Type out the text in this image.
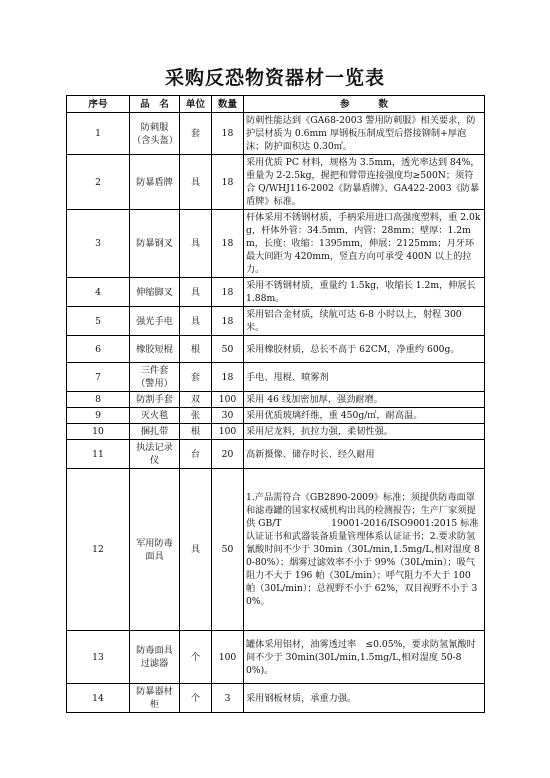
采购反恐物资器材一览表
序号	品　名	单位	数量	参　　　数
1	防刺服（含头盔）	套	18	防刺性能达到《GA68-2003 警用防刺服》相关要求，防护层材质为 0.6mm 厚钢板压制成型后搭接铆制+厚泡沫；防护面积达 0.30㎡。
2	防暴盾牌	具	18	采用优质 PC 材料，规格为 3.5mm，透光率达到 84%，重量为 2-2.5kg，握把和臂带连接强度均≥500N；须符合 Q/WHJ116-2002《防暴盾牌》、GA422-2003《防暴盾牌》标准。
3	防暴钢叉	具	18	杆体采用不锈钢材质，手柄采用进口高强度塑料，重 2.0kg，杆体外管：34.5mm，内管：28mm；壁厚：1.2mm，长度：收缩：1395mm，伸展：2125mm；月牙环最大间距为 420mm，竖直方向可承受 400N 以上的拉力。
4	伸缩脚叉	具	18	采用不锈钢材质，重量约 1.5kg，收缩长 1.2m，伸展长 1.88m。
5	强光手电	具	18	采用铝合金材质，续航可达 6-8 小时以上，射程 300 米。
6	橡胶短棍	根	50	采用橡胶材质，总长不高于 62CM，净重约 600g。
7	三件套（警用）	套	18	手电、甩棍、喷雾剂
8	防割手套	双	100	采用 46 线加密加厚，强劲耐磨。
9	灭火毯	张	30	采用优质玻璃纤维，重 450g/㎡，耐高温。
10	捆扎带	根	100	采用尼龙料，抗拉力强，柔韧性强。
11	执法记录仪	台	20	高新摄像、储存时长、经久耐用
12	军用防毒面具	具	50	1.产品需符合《GB2890-2009》标准；须提供防毒面罩和滤毒罐的国家权威机构出具的检测报告；生产厂家须提供 GB/T 19001-2016/ISO9001:2015 标准认证证书和武器装备质量管理体系认证证书；2.要求防氢氰酸时间不少于 30min（30L/min,1.5mg/L,相对湿度 80-80%）；烟雾过滤效率不小于 99%（30L/min）；吸气阻力不大于 196 帕（30L/min）；呼气阻力不大于 100 帕（30L/min）；总视野不小于 62%，双目视野不小于 30%。
13	防毒面具过滤器	个	100	罐体采用铝材，油雾透过率　≤0.05%，要求防氢氰酸时间不少于 30min(30L/min,1.5mg/L,相对湿度 50-80%)。
14	防暴器材柜	个	3	采用钢板材质，承重力强。
